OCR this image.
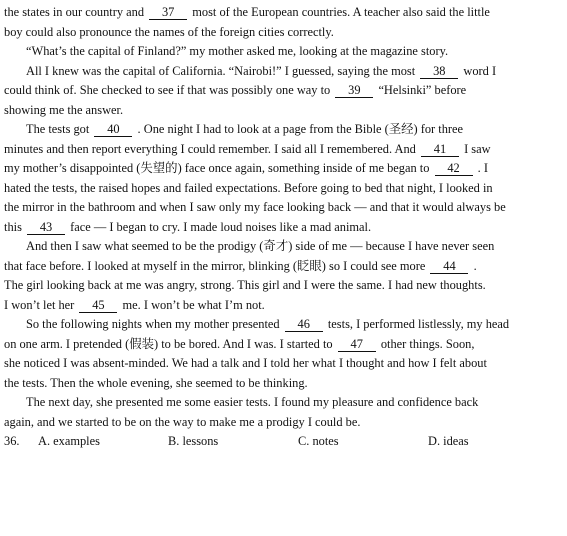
the states in our country and 37 most of the European countries. A teacher also said the little
boy could also pronounce the names of the foreign cities correctly.
“What’s the capital of Finland?” my mother asked me, looking at the magazine story.
All I knew was the capital of California. “Nairobi!” I guessed, saying the most 38 word I
could think of. She checked to see if that was possibly one way to 39 “Helsinki” before
showing me the answer.
The tests got 40 . One night I had to look at a page from the Bible (圣经) for three
minutes and then report everything I could remember. I said all I remembered. And 41 I saw
my mother’s disappointed (失望的) face once again, something inside of me began to 42 . I
hated the tests, the raised hopes and failed expectations. Before going to bed that night, I looked in
the mirror in the bathroom and when I saw only my face looking back — and that it would always be
this 43 face — I began to cry. I made loud noises like a mad animal.
And then I saw what seemed to be the prodigy (奇才) side of me — because I have never seen
that face before. I looked at myself in the mirror, blinking (眨眼) so I could see more 44 .
The girl looking back at me was angry, strong. This girl and I were the same. I had new thoughts.
I won’t let her 45 me. I won’t be what I’m not.
So the following nights when my mother presented 46 tests, I performed listlessly, my head
on one arm. I pretended (假装) to be bored. And I was. I started to 47 other things. Soon,
she noticed I was absent-minded. We had a talk and I told her what I thought and how I felt about
the tests. Then the whole evening, she seemed to be thinking.
The next day, she presented me some easier tests. I found my pleasure and confidence back
again, and we started to be on the way to make me a prodigy I could be.
36.	A. examples	B. lessons	C. notes	D. ideas
